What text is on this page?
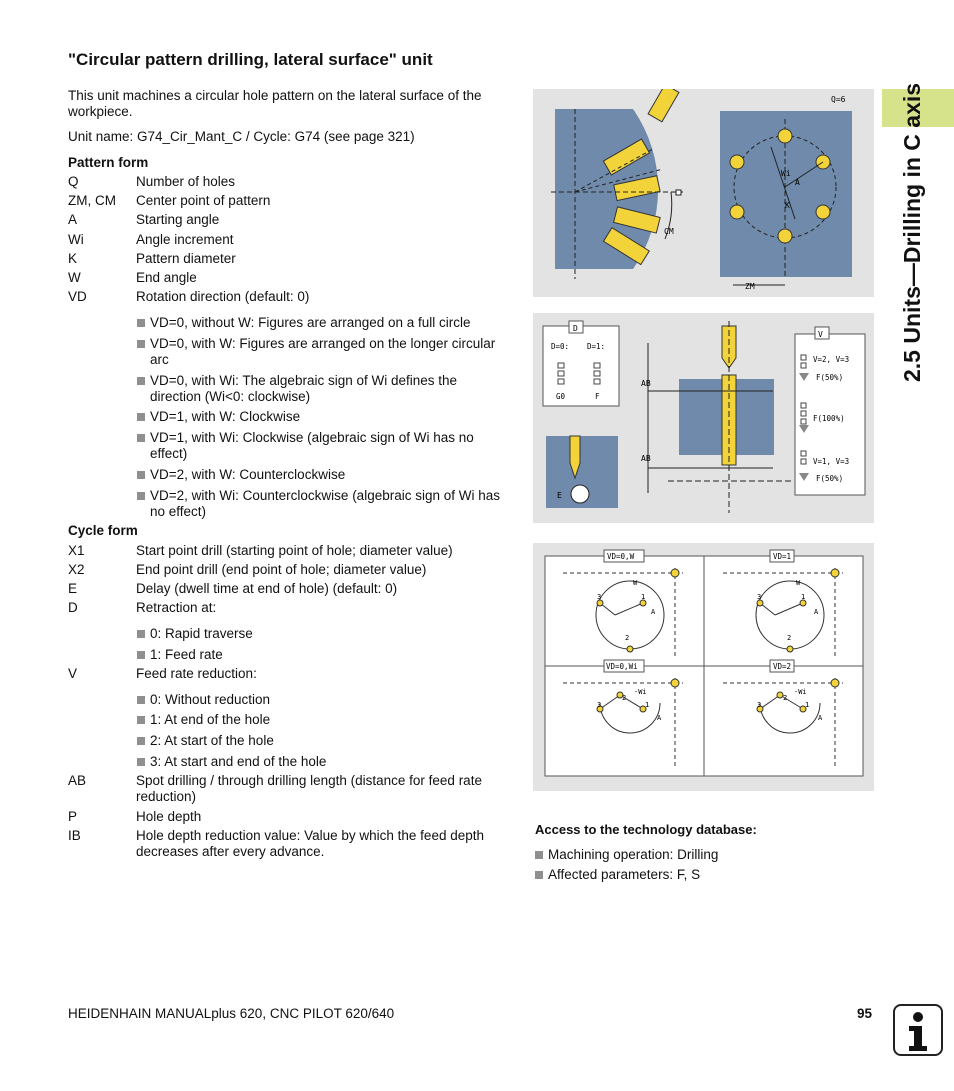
2.5 Units—Drilling in C axis
"Circular pattern drilling, lateral surface" unit
This unit machines a circular hole pattern on the lateral surface of the workpiece.
Unit name: G74_Cir_Mant_C / Cycle: G74 (see page 321)
Pattern form
Q	Number of holes
ZM, CM	Center point of pattern
A	Starting angle
Wi	Angle increment
K	Pattern diameter
W	End angle
VD	Rotation direction (default: 0)
VD=0, without W: Figures are arranged on a full circle
VD=0, with W: Figures are arranged on the longer circular arc
VD=0, with Wi: The algebraic sign of Wi defines the direction (Wi<0: clockwise)
VD=1, with W: Clockwise
VD=1, with Wi: Clockwise (algebraic sign of Wi has no effect)
VD=2, with W: Counterclockwise
VD=2, with Wi: Counterclockwise (algebraic sign of Wi has no effect)
Cycle form
X1	Start point drill (starting point of hole; diameter value)
X2	End point drill (end point of hole; diameter value)
E	Delay (dwell time at end of hole) (default: 0)
D	Retraction at:
0: Rapid traverse
1: Feed rate
V	Feed rate reduction:
0: Without reduction
1: At end of the hole
2: At start of the hole
3: At start and end of the hole
AB	Spot drilling / through drilling length (distance for feed rate reduction)
P	Hole depth
IB	Hole depth reduction value: Value by which the feed depth decreases after every advance.
Access to the technology database:
Machining operation: Drilling
Affected parameters: F, S
CM
Wi
A
K
Q=6
ZM
D
D=0: D=1:
G0	F
E
AB
AB
V
V=2, V=3
F(50%)
F(100%)
V=1, V=3
F(50%)
VD=0,W	VD=1
VD=0,Wi	VD=2
W	W
-Wi	-Wi
A	A
A	A
1	1
1	1
2	2
2	2
3	3
3	3
HEIDENHAIN MANUALplus 620, CNC PILOT 620/640	95
